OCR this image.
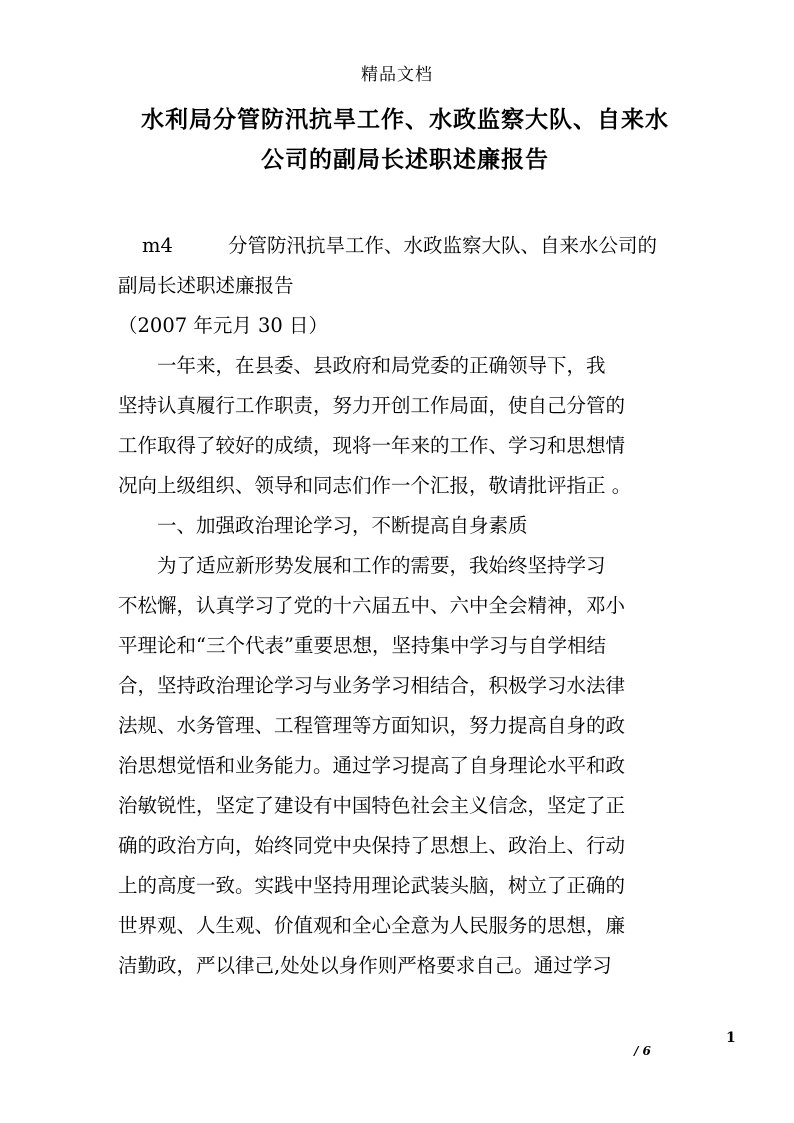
精品文档
水利局分管防汛抗旱工作、水政监察大队、自来水
公司的副局长述职述廉报告
m4	分管防汛抗旱工作、水政监察大队、自来水公司的
副局长述职述廉报告
（2007 年元月 30 日）
　　一年来，在县委、县政府和局党委的正确领导下，我
坚持认真履行工作职责，努力开创工作局面，使自己分管的
工作取得了较好的成绩，现将一年来的工作、学习和思想情
况向上级组织、领导和同志们作一个汇报，敬请批评指正 。
　　一、加强政治理论学习，不断提高自身素质
　　为了适应新形势发展和工作的需要，我始终坚持学习
不松懈，认真学习了党的十六届五中、六中全会精神，邓小
平理论和“三个代表”重要思想，坚持集中学习与自学相结
合，坚持政治理论学习与业务学习相结合，积极学习水法律
法规、水务管理、工程管理等方面知识，努力提高自身的政
治思想觉悟和业务能力。通过学习提高了自身理论水平和政
治敏锐性，坚定了建设有中国特色社会主义信念，坚定了正
确的政治方向，始终同党中央保持了思想上、政治上、行动
上的高度一致。实践中坚持用理论武装头脑，树立了正确的
世界观、人生观、价值观和全心全意为人民服务的思想，廉
洁勤政，严以律己,处处以身作则严格要求自己。通过学习
1
/ 6
